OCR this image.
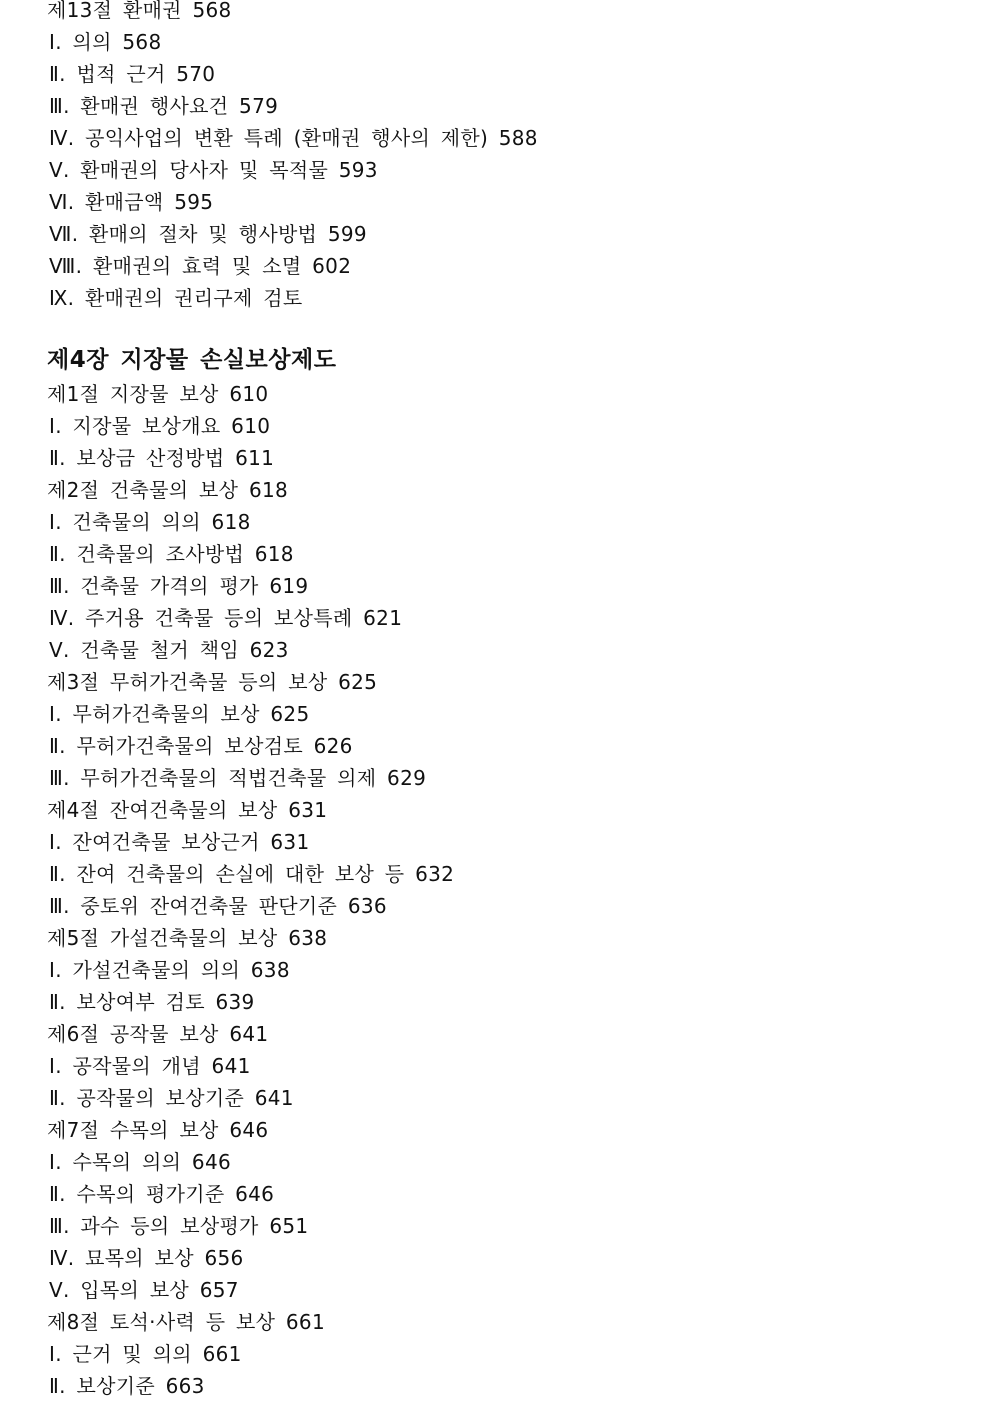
제13절 환매권 568
Ⅰ. 의의 568
Ⅱ. 법적 근거 570
Ⅲ. 환매권 행사요건 579
Ⅳ. 공익사업의 변환 특례 (환매권 행사의 제한) 588
Ⅴ. 환매권의 당사자 및 목적물 593
Ⅵ. 환매금액 595
Ⅶ. 환매의 절차 및 행사방법 599
Ⅷ. 환매권의 효력 및 소멸 602
Ⅸ. 환매권의 권리구제 검토
제4장 지장물 손실보상제도
제1절 지장물 보상 610
Ⅰ. 지장물 보상개요 610
Ⅱ. 보상금 산정방법 611
제2절 건축물의 보상 618
Ⅰ. 건축물의 의의 618
Ⅱ. 건축물의 조사방법 618
Ⅲ. 건축물 가격의 평가 619
Ⅳ. 주거용 건축물 등의 보상특례 621
Ⅴ. 건축물 철거 책임 623
제3절 무허가건축물 등의 보상 625
Ⅰ. 무허가건축물의 보상 625
Ⅱ. 무허가건축물의 보상검토 626
Ⅲ. 무허가건축물의 적법건축물 의제 629
제4절 잔여건축물의 보상 631
Ⅰ. 잔여건축물 보상근거 631
Ⅱ. 잔여 건축물의 손실에 대한 보상 등 632
Ⅲ. 중토위 잔여건축물 판단기준 636
제5절 가설건축물의 보상 638
Ⅰ. 가설건축물의 의의 638
Ⅱ. 보상여부 검토 639
제6절 공작물 보상 641
Ⅰ. 공작물의 개념 641
Ⅱ. 공작물의 보상기준 641
제7절 수목의 보상 646
Ⅰ. 수목의 의의 646
Ⅱ. 수목의 평가기준 646
Ⅲ. 과수 등의 보상평가 651
Ⅳ. 묘목의 보상 656
Ⅴ. 입목의 보상 657
제8절 토석·사력 등 보상 661
Ⅰ. 근거 및 의의 661
Ⅱ. 보상기준 663
